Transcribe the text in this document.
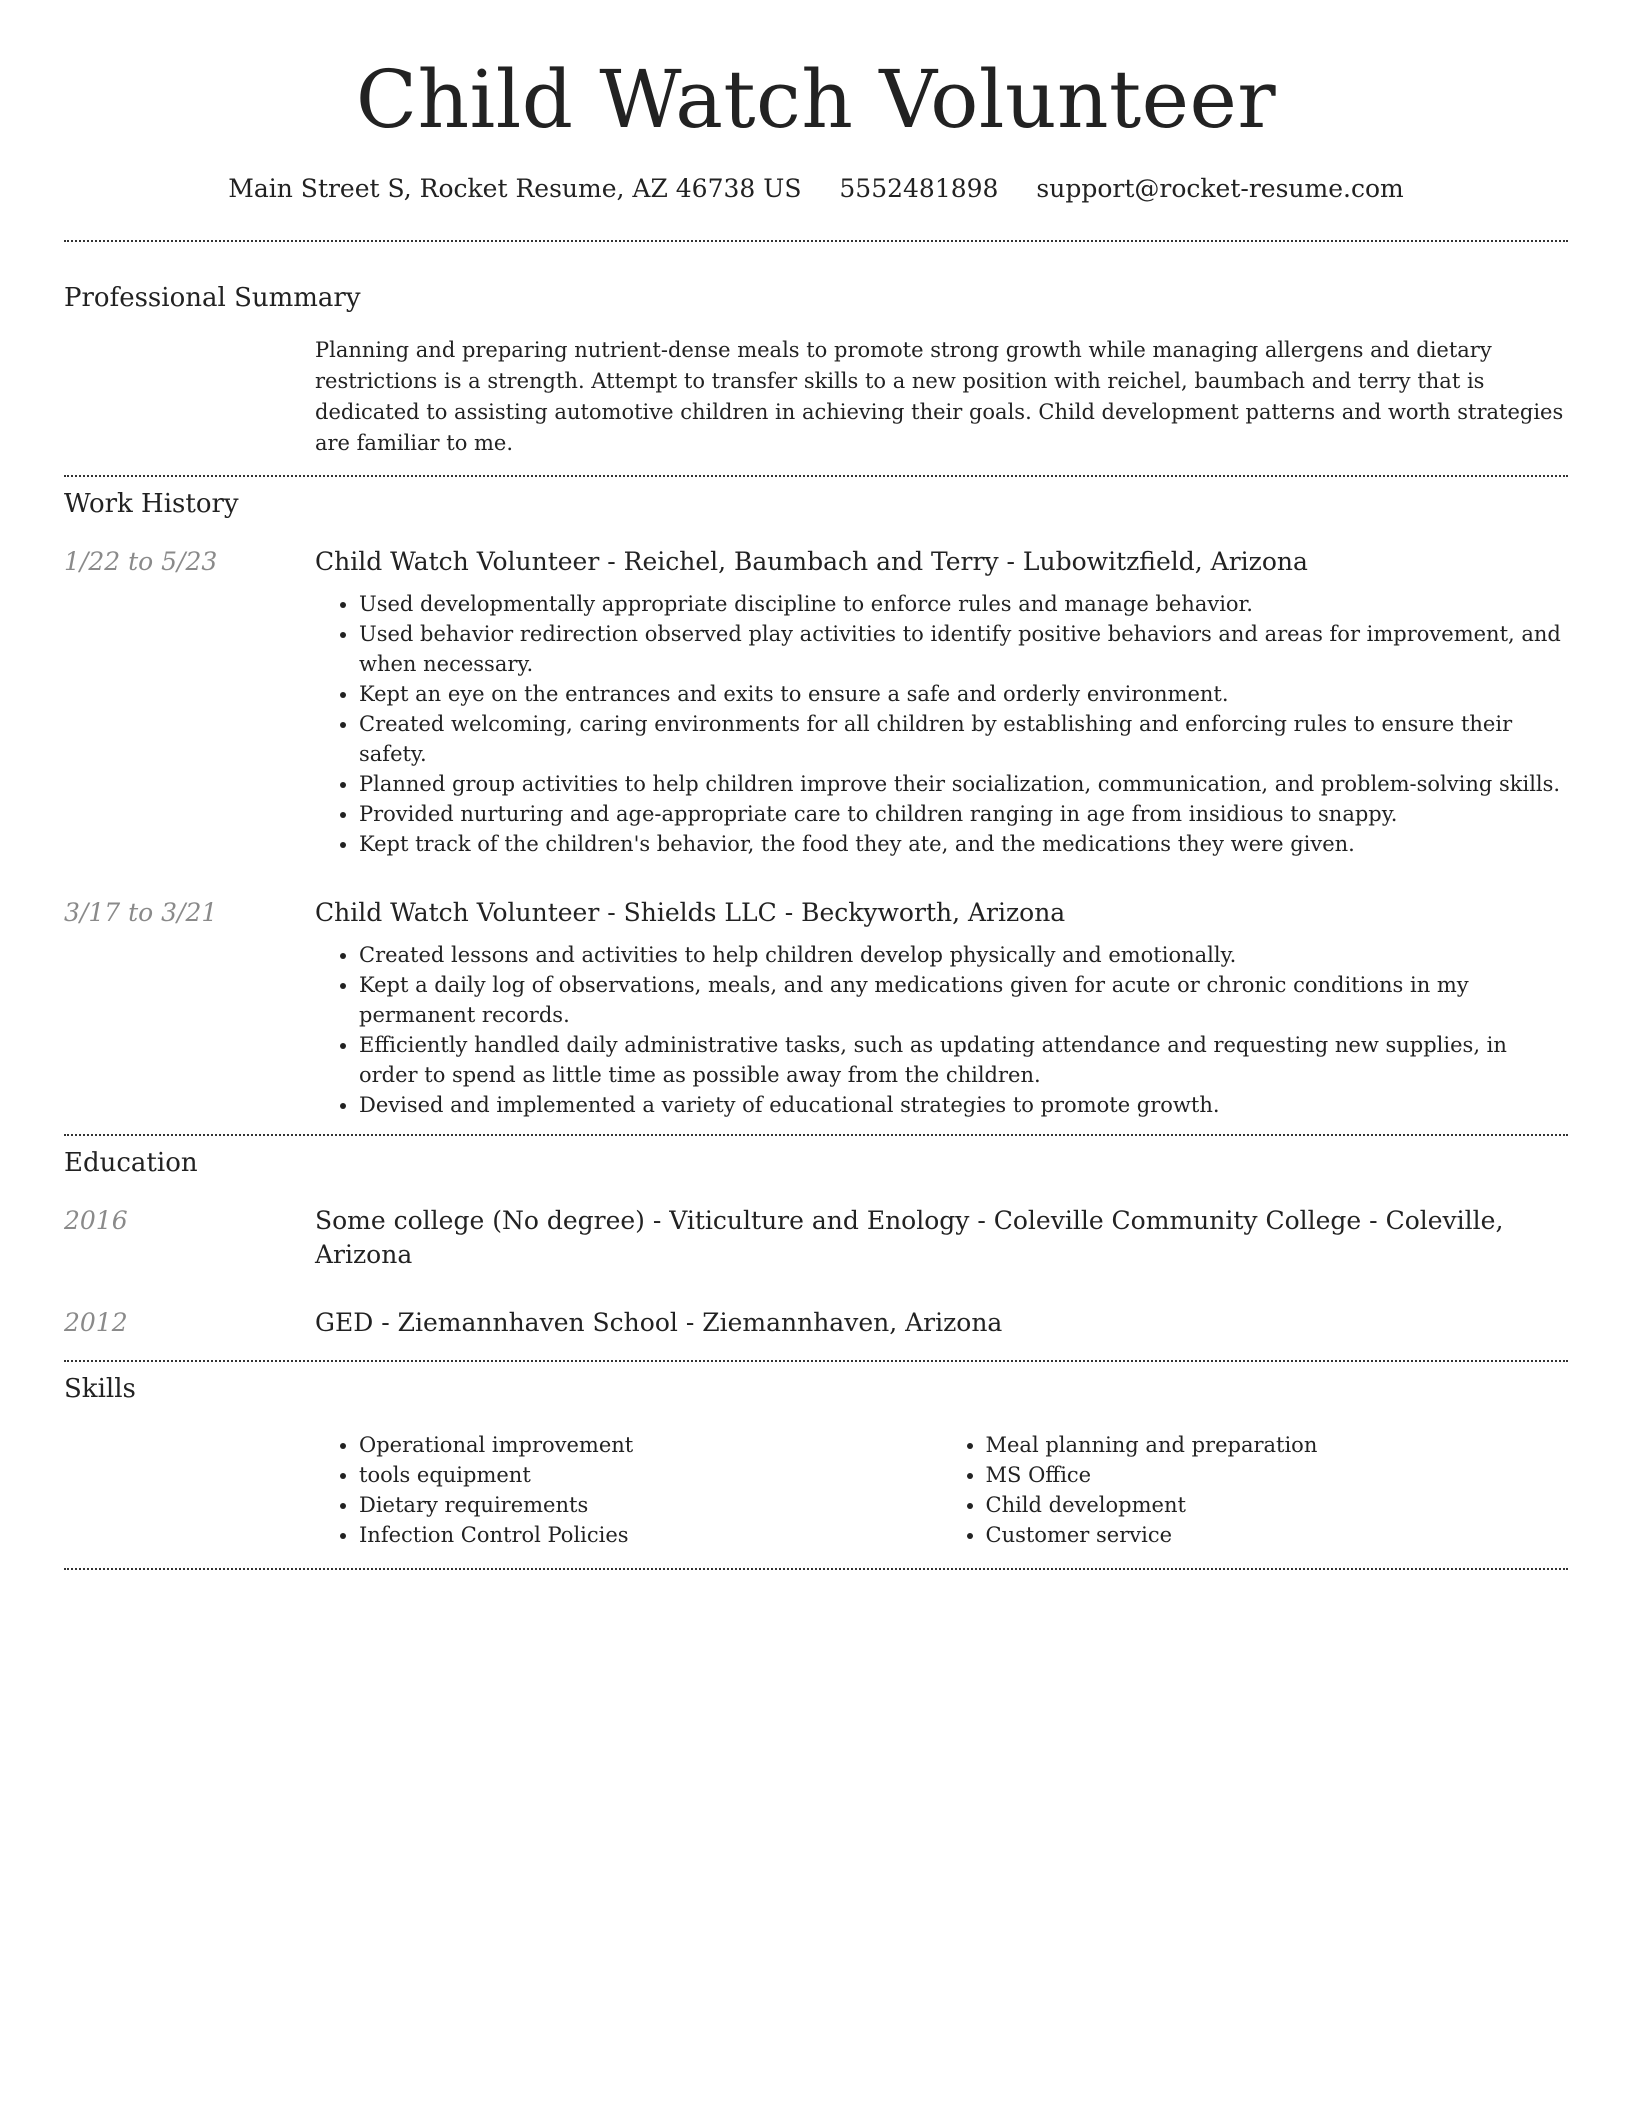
Child Watch Volunteer
Main Street S, Rocket Resume, AZ 46738 US 5552481898 support@rocket-resume.com
Professional Summary

Planning and preparing nutrient-dense meals to promote strong growth while managing allergens and dietary restrictions is a strength. Attempt to transfer skills to a new position with reichel, baumbach and terry that is dedicated to assisting automotive children in achieving their goals. Child development patterns and worth strategies are familiar to me.

Work History
1/22 to 5/23	Child Watch Volunteer - Reichel, Baumbach and Terry - Lubowitzfield, Arizona
• Used developmentally appropriate discipline to enforce rules and manage behavior.
• Used behavior redirection observed play activities to identify positive behaviors and areas for improvement, and when necessary.
• Kept an eye on the entrances and exits to ensure a safe and orderly environment.
• Created welcoming, caring environments for all children by establishing and enforcing rules to ensure their safety.
• Planned group activities to help children improve their socialization, communication, and problem-solving skills.
• Provided nurturing and age-appropriate care to children ranging in age from insidious to snappy.
• Kept track of the children's behavior, the food they ate, and the medications they were given.
3/17 to 3/21	Child Watch Volunteer - Shields LLC - Beckyworth, Arizona
• Created lessons and activities to help children develop physically and emotionally.
• Kept a daily log of observations, meals, and any medications given for acute or chronic conditions in my permanent records.
• Efficiently handled daily administrative tasks, such as updating attendance and requesting new supplies, in order to spend as little time as possible away from the children.
• Devised and implemented a variety of educational strategies to promote growth.
Education
2016	Some college (No degree) - Viticulture and Enology - Coleville Community College - Coleville, Arizona
2012	GED - Ziemannhaven School - Ziemannhaven, Arizona
Skills
• Operational improvement
• tools equipment
• Dietary requirements
• Infection Control Policies
• Meal planning and preparation
• MS Office
• Child development
• Customer service
